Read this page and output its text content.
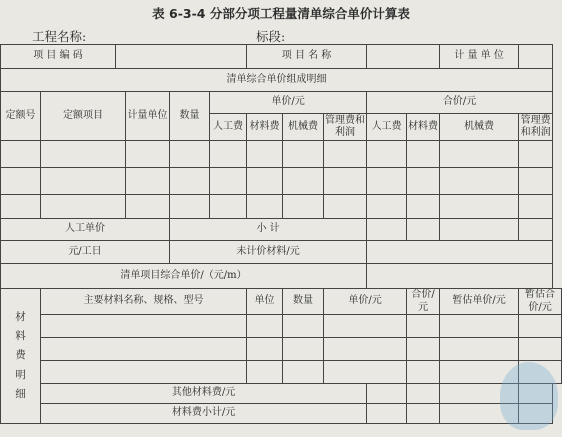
表 6-3-4 分部分项工程量清单综合单价计算表
工程名称:	标段:
项 目 编 码						项 目 名 称					计 量 单 位	
清单综合单价组成明细												
定额号	定额项目		计量单位	数量	单价/元				合价/元			
					人工费	材料费	机械费	管理费和利润	人工费	材料费	机械费	管理费和利润

人工单价				小 计								
元/工日				未计价材料/元								
清单项目综合单价/（元/m）												

材
料
费
明
细	主要材料名称、规格、型号					单位	数量	单价/元		合价/元	暂估单价/元	暂估合价/元

	其他材料费/元											
	材料费小计/元											
